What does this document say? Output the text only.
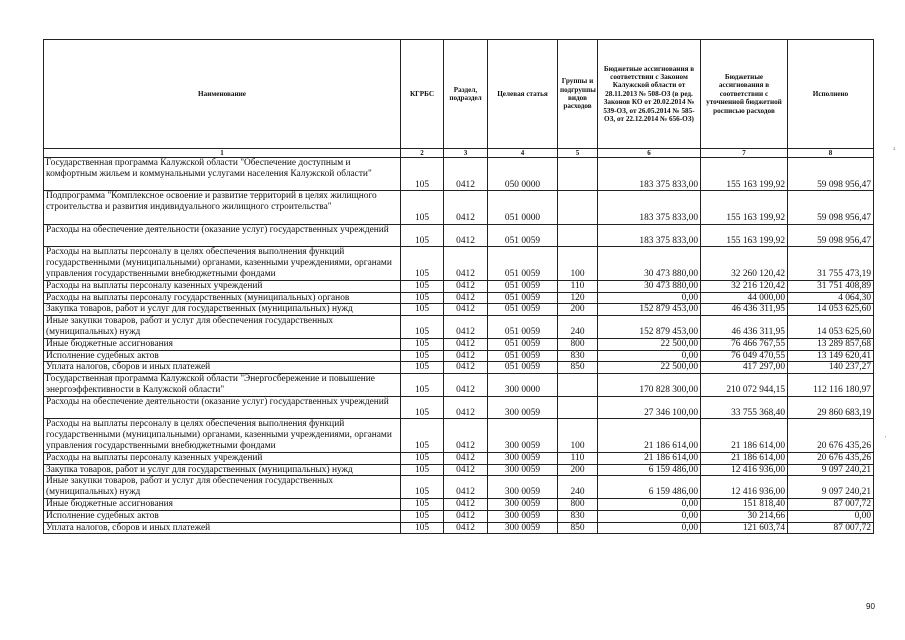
Наименование	КГРБС	Раздел, подраздел	Целевая статья	Группы и подгруппы видов расходов	Бюджетные ассигнования в соответствии с Законом Калужской области от 28.11.2013 № 508-ОЗ (в ред. Законов КО от 20.02.2014 № 539-ОЗ, от 26.05.2014 № 585-ОЗ, от 22.12.2014 № 656-ОЗ)	Бюджетные ассигнования в соответствии с уточненной бюджетной росписью расходов	Исполнено
1	2	3	4	5	6	7	8
Государственная программа Калужской области "Обеспечение доступным и комфортным жильем и коммунальными услугами населения Калужской области"	105	0412	050 0000		183 375 833,00	155 163 199,92	59 098 956,47
Подпрограмма "Комплексное освоение и развитие территорий в целях жилищного строительства и развития индивидуального жилищного строительства"	105	0412	051 0000		183 375 833,00	155 163 199,92	59 098 956,47
Расходы на обеспечение деятельности (оказание услуг) государственных учреждений	105	0412	051 0059		183 375 833,00	155 163 199,92	59 098 956,47
Расходы на выплаты персоналу в целях обеспечения выполнения функций государственными (муниципальными) органами, казенными учреждениями, органами управления государственными внебюджетными фондами	105	0412	051 0059	100	30 473 880,00	32 260 120,42	31 755 473,19
Расходы на выплаты персоналу казенных учреждений	105	0412	051 0059	110	30 473 880,00	32 216 120,42	31 751 408,89
Расходы на выплаты персоналу государственных (муниципальных) органов	105	0412	051 0059	120	0,00	44 000,00	4 064,30
Закупка товаров, работ и услуг для государственных (муниципальных) нужд	105	0412	051 0059	200	152 879 453,00	46 436 311,95	14 053 625,60
Иные закупки товаров, работ и услуг для обеспечения государственных (муниципальных) нужд	105	0412	051 0059	240	152 879 453,00	46 436 311,95	14 053 625,60
Иные бюджетные ассигнования	105	0412	051 0059	800	22 500,00	76 466 767,55	13 289 857,68
Исполнение судебных актов	105	0412	051 0059	830	0,00	76 049 470,55	13 149 620,41
Уплата налогов, сборов и иных платежей	105	0412	051 0059	850	22 500,00	417 297,00	140 237,27
Государственная программа Калужской области "Энергосбережение и повышение энергоэффективности в Калужской области"	105	0412	300 0000		170 828 300,00	210 072 944,15	112 116 180,97
Расходы на обеспечение деятельности (оказание услуг) государственных учреждений	105	0412	300 0059		27 346 100,00	33 755 368,40	29 860 683,19
Расходы на выплаты персоналу в целях обеспечения выполнения функций государственными (муниципальными) органами, казенными учреждениями, органами управления государственными внебюджетными фондами	105	0412	300 0059	100	21 186 614,00	21 186 614,00	20 676 435,26
Расходы на выплаты персоналу казенных учреждений	105	0412	300 0059	110	21 186 614,00	21 186 614,00	20 676 435,26
Закупка товаров, работ и услуг для государственных (муниципальных) нужд	105	0412	300 0059	200	6 159 486,00	12 416 936,00	9 097 240,21
Иные закупки товаров, работ и услуг для обеспечения государственных (муниципальных) нужд	105	0412	300 0059	240	6 159 486,00	12 416 936,00	9 097 240,21
Иные бюджетные ассигнования	105	0412	300 0059	800	0,00	151 818,40	87 007,72
Исполнение судебных актов	105	0412	300 0059	830	0,00	30 214,66	0,00
Уплата налогов, сборов и иных платежей	105	0412	300 0059	850	0,00	121 603,74	87 007,72
90
¹
'
